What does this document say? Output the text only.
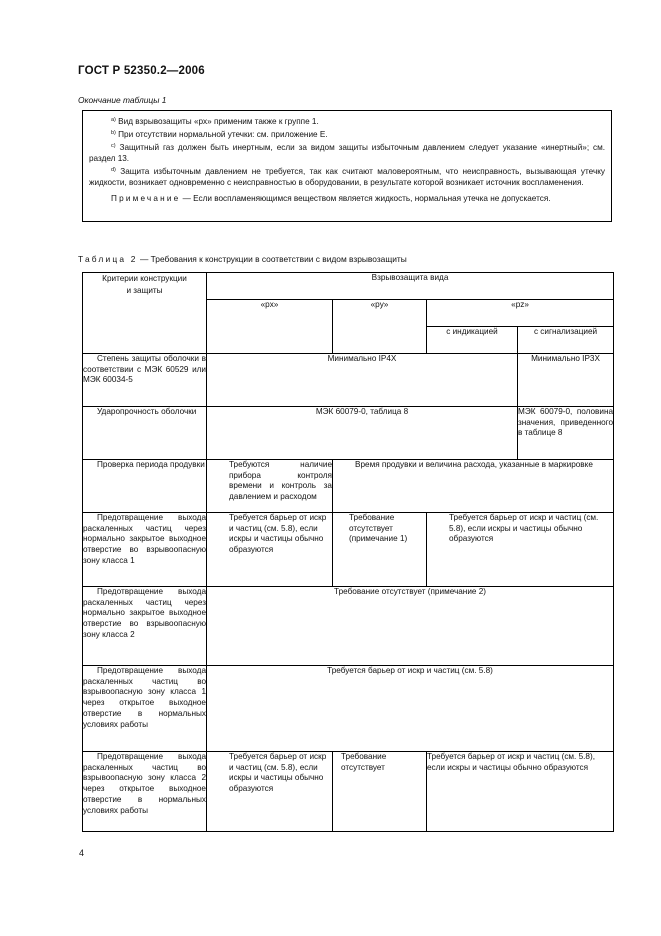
ГОСТ Р 52350.2—2006
Окончание таблицы 1

$^{а)}$ Вид взрывозащиты «px» применим также к группе 1.

$^{b)}$ При отсутствии нормальной утечки: см. приложение Е.

$^{с)}$ Защитный газ должен быть инертным, если за видом защиты избыточным давлением следует указание «инертный»; см. раздел 13.

$^{d)}$ Защита избыточным давлением не требуется, так как считают маловероятным, что неисправность, вызывающая утечку жидкости, возникает одновременно с неисправностью в оборудовании, в результате которой возникает источник воспламенения.

Примечание — Если воспламеняющимся веществом является жидкость, нормальная утечка не допускается.

Таблица 2 — Требования к конструкции в соответствии с видом взрывозащиты
Критерии конструкции и защиты	Взрывозащита вида			
	«px»	«py»	«pz»	
			с индикацией	с сигнализацией

Степень защиты оболочки в соответствии с МЭК 60529 или МЭК 60034-5	Минимально IP4X			Минимально IP3X

Ударопрочность оболочки	МЭК 60079-0, таблица 8			МЭК 60079-0, половина значения, приведенного в таблице 8

Проверка периода продувки	Требуются наличие прибора контроля времени и контроль за давлением и расходом	Время продувки и величина расхода, указанные в маркировке		

Предотвращение выхода раскаленных частиц через нормально закрытое выходное отверстие во взрывоопасную зону класса 1	Требуется барьер от искр и частиц (см. 5.8), если искры и частицы обычно образуются	Требование отсутствует (примечание 1)	Требуется барьер от искр и частиц (см. 5.8), если искры и частицы обычно образуются	

Предотвращение выхода раскаленных частиц через нормально закрытое выходное отверстие во взрывоопасную зону класса 2	Требование отсутствует (примечание 2)			

Предотвращение выхода раскаленных частиц во взрывоопасную зону класса 1 через открытое выходное отверстие в нормальных условиях работы	Требуется барьер от искр и частиц (см. 5.8)			

Предотвращение выхода раскаленных частиц во взрывоопасную зону класса 2 через открытое выходное отверстие в нормальных условиях работы	Требуется барьер от искр и частиц (см. 5.8), если искры и частицы обычно образуются	Требование отсутствует	Требуется барьер от искр и частиц (см. 5.8), если искры и частицы обычно образуются	
4
